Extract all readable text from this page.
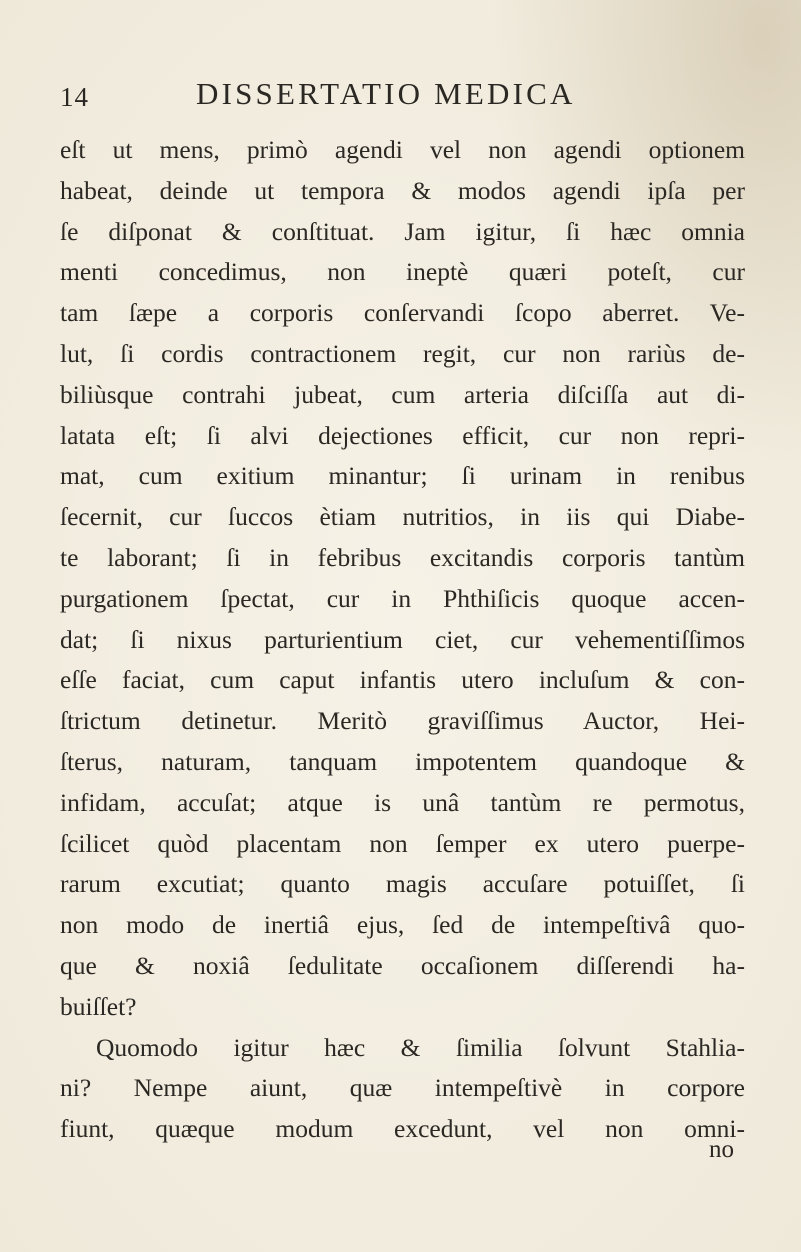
14	DISSERTATIO MEDICA
eſt ut mens, primò agendi vel non agendi optionem
habeat, deinde ut tempora & modos agendi ipſa per
ſe diſponat & conſtituat. Jam igitur, ſi hæc omnia
menti concedimus, non ineptè quæri poteſt, cur
tam ſæpe a corporis conſervandi ſcopo aberret. Ve-
lut, ſi cordis contractionem regit, cur non rariùs de-
biliùsque contrahi jubeat, cum arteria diſciſſa aut di-
latata eſt; ſi alvi dejectiones efficit, cur non repri-
mat, cum exitium minantur; ſi urinam in renibus
ſecernit, cur ſuccos ètiam nutritios, in iis qui Diabe-
te laborant; ſi in febribus excitandis corporis tantùm
purgationem ſpectat, cur in Phthiſicis quoque accen-
dat; ſi nixus parturientium ciet, cur vehementiſſimos
eſſe faciat, cum caput infantis utero incluſum & con-
ſtrictum detinetur. Meritò graviſſimus Auctor, Hei-
ſterus, naturam, tanquam impotentem quandoque &
infidam, accuſat; atque is unâ tantùm re permotus,
ſcilicet quòd placentam non ſemper ex utero puerpe-
rarum excutiat; quanto magis accuſare potuiſſet, ſi
non modo de inertiâ ejus, ſed de intempeſtivâ quo-
que & noxiâ ſedulitate occaſionem diſſerendi ha-
buiſſet?
Quomodo igitur hæc & ſimilia ſolvunt Stahlia-
ni? Nempe aiunt, quæ intempeſtivè in corpore
fiunt, quæque modum excedunt, vel non omni-
no
